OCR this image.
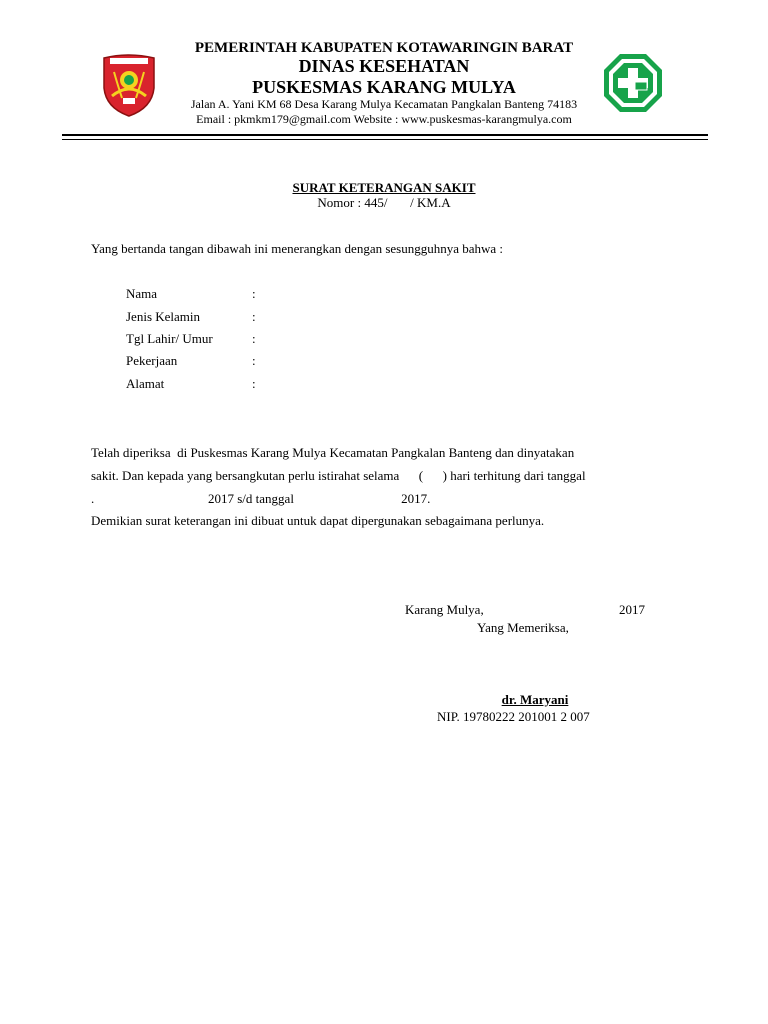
PEMERINTAH KABUPATEN KOTAWARINGIN BARAT
DINAS KESEHATAN
PUSKESMAS KARANG MULYA
Jalan A. Yani KM 68 Desa Karang Mulya Kecamatan Pangkalan Banteng 74183
Email : pkmkm179@gmail.com Website : www.puskesmas-karangmulya.com
SURAT KETERANGAN SAKIT
Nomor : 445/       / KM.A
Yang bertanda tangan dibawah ini menerangkan dengan sesungguhnya bahwa :
Nama	:
Jenis Kelamin	:
Tgl Lahir/ Umur	:
Pekerjaan	:
Alamat	:
Telah diperiksa  di Puskesmas Karang Mulya Kecamatan Pangkalan Banteng dan dinyatakan
sakit. Dan kepada yang bersangkutan perlu istirahat selama      (      ) hari terhitung dari tanggal
.                                   2017 s/d tanggal                                 2017.
Demikian surat keterangan ini dibuat untuk dapat dipergunakan sebagaimana perlunya.
Karang Mulya,	2017
Yang Memeriksa,
dr. Maryani
NIP. 19780222 201001 2 007
